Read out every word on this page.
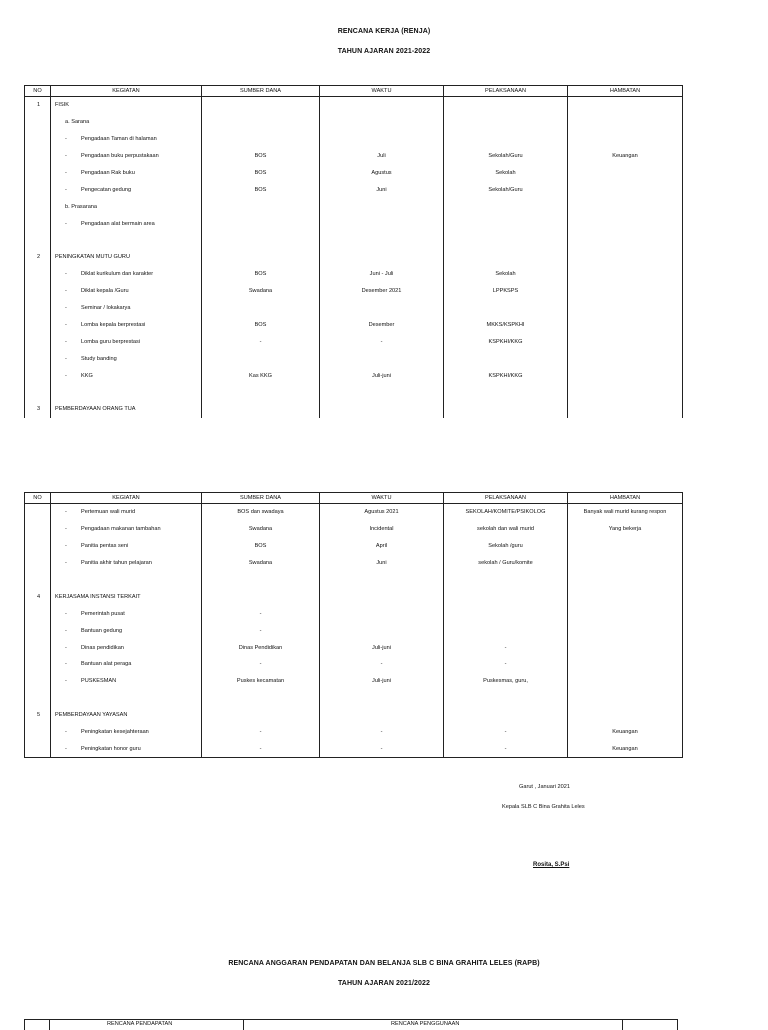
RENCANA KERJA (RENJA)
TAHUN AJARAN 2021-2022
NO	KEGIATAN	SUMBER DANA	WAKTU	PELAKSANAAN	HAMBATAN
1	FISIK				
	a. Sarana				
	- Pengadaan Taman di halaman				
	- Pengadaan buku perpustakaan	BOS	Juli	Sekolah/Guru	Keuangan
	- Pengadaan Rak buku	BOS	Agustus	Sekolah	
	- Pengecatan gedung	BOS	Juni	Sekolah/Guru	
	b. Prasarana				
	- Pengadaan alat bermain area				

2	PENINGKATAN MUTU GURU				
	- Diklat kurikulum dan karakter	BOS	Juni - Juli	Sekolah	
	- Diklat kepala /Guru	Swadana	Desember 2021	LPPKSPS	
	- Seminar / lokakarya				
	- Lomba kepala berprestasi	BOS	Desember	MKKS/KSPKHI	
	- Lomba guru berprestasi	-	-	KSPKHI/KKG	
	- Study banding				
	- KKG	Kas KKG	Juli-juni	KSPKHI/KKG	

3	PEMBERDAYAAN ORANG TUA				
NO	KEGIATAN	SUMBER DANA	WAKTU	PELAKSANAAN	HAMBATAN
	- Pertemuan wali murid	BOS dan swadaya	Agustus 2021	SEKOLAH/KOMITE/PSIKOLOG	Banyak wali murid kurang respon
	- Pengadaan makanan tambahan	Swadana	Incidental	sekolah dan wali murid	Yang bekerja
	- Panitia pentas seni	BOS	April	Sekolah /guru	
	- Panitia akhir tahun pelajaran	Swadana	Juni	sekolah / Guru/komite	

4	KERJASAMA INSTANSI TERKAIT				
	- Pemerintah pusat	-			
	- Bantuan gedung	-			
	- Dinas pendidikan	Dinas Pendidikan	Juli-juni	-	
	- Bantuan alat peraga	-	-	-	
	- PUSKESMAN	Puskes kecamatan	Juli-juni	Puskesmas, guru,	

5	PEMBERDAYAAN YAYASAN				
	- Peningkatan kesejahteraan	-	-	-	Keuangan
	- Peningkatan honor guru	-	-	-	Keuangan
Garut , Januari 2021
Kepala SLB C Bina Grahita Leles
Rosita, S.Psi
RENCANA ANGGARAN PENDAPATAN DAN BELANJA SLB C BINA GRAHITA LELES (RAPB)
TAHUN AJARAN 2021/2022
RENCANA PENDAPATAN	RENCANA PENGGUNAAN
